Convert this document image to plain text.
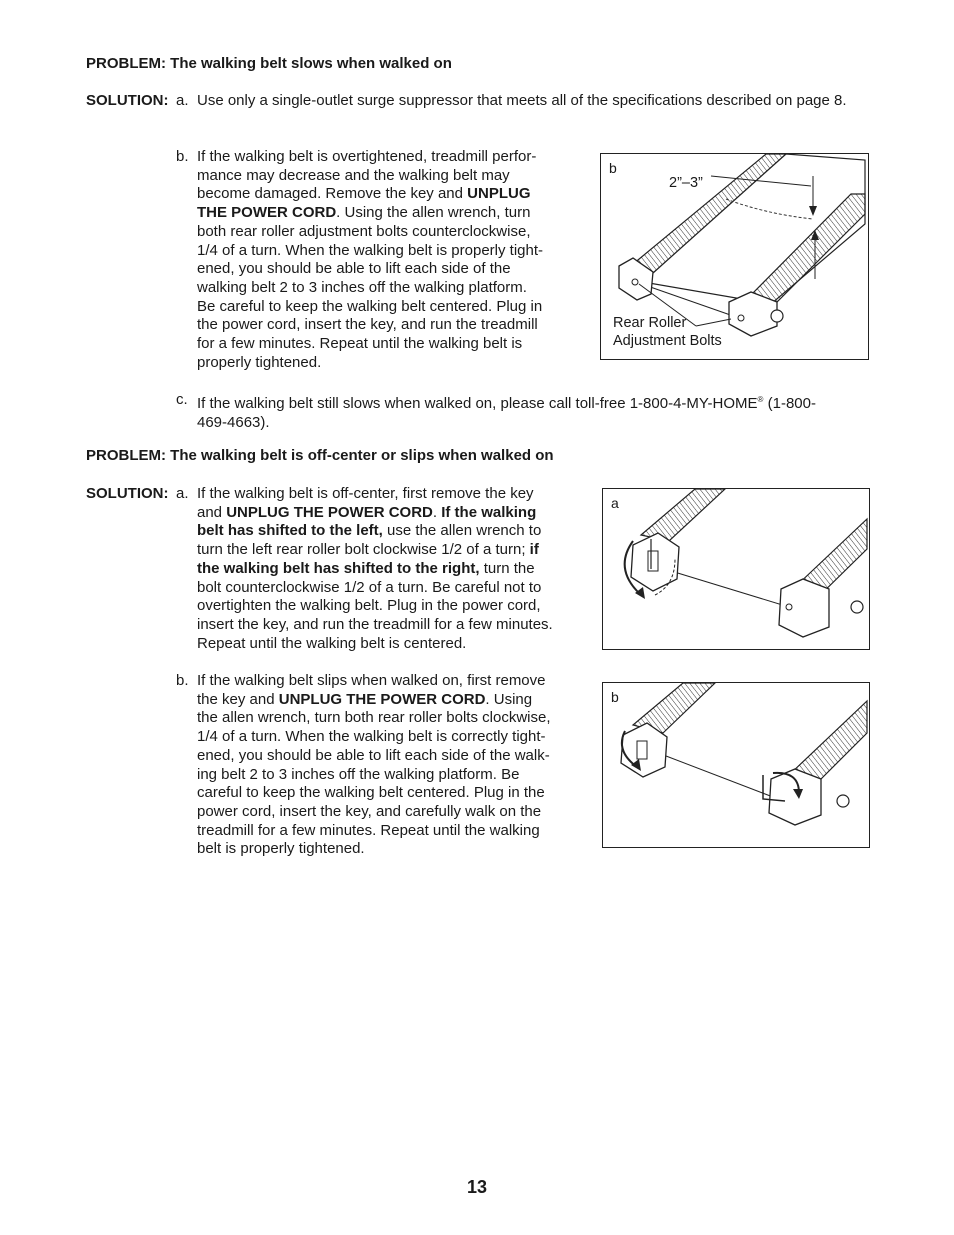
PROBLEM: The walking belt slows when walked on
SOLUTION: a. Use only a single-outlet surge suppressor that meets all of the specifications described on page 8.
b. If the walking belt is overtightened, treadmill perfor-
mance may decrease and the walking belt may
become damaged. Remove the key and UNPLUG
THE POWER CORD. Using the allen wrench, turn
both rear roller adjustment bolts counterclockwise,
1/4 of a turn. When the walking belt is properly tight-
ened, you should be able to lift each side of the
walking belt 2 to 3 inches off the walking platform.
Be careful to keep the walking belt centered. Plug in
the power cord, insert the key, and run the treadmill
for a few minutes. Repeat until the walking belt is
properly tightened.
b
2”–3”
Rear Roller
Adjustment Bolts
c. If the walking belt still slows when walked on, please call toll-free 1-800-4-MY-HOME® (1-800-
469-4663).
PROBLEM: The walking belt is off-center or slips when walked on
SOLUTION: a. If the walking belt is off-center, first remove the key
and UNPLUG THE POWER CORD. If the walking
belt has shifted to the left, use the allen wrench to
turn the left rear roller bolt clockwise 1/2 of a turn; if
the walking belt has shifted to the right, turn the
bolt counterclockwise 1/2 of a turn. Be careful not to
overtighten the walking belt. Plug in the power cord,
insert the key, and run the treadmill for a few minutes.
Repeat until the walking belt is centered.
a
b. If the walking belt slips when walked on, first remove
the key and UNPLUG THE POWER CORD. Using
the allen wrench, turn both rear roller bolts clockwise,
1/4 of a turn. When the walking belt is correctly tight-
ened, you should be able to lift each side of the walk-
ing belt 2 to 3 inches off the walking platform. Be
careful to keep the walking belt centered. Plug in the
power cord, insert the key, and carefully walk on the
treadmill for a few minutes. Repeat until the walking
belt is properly tightened.
b
13
